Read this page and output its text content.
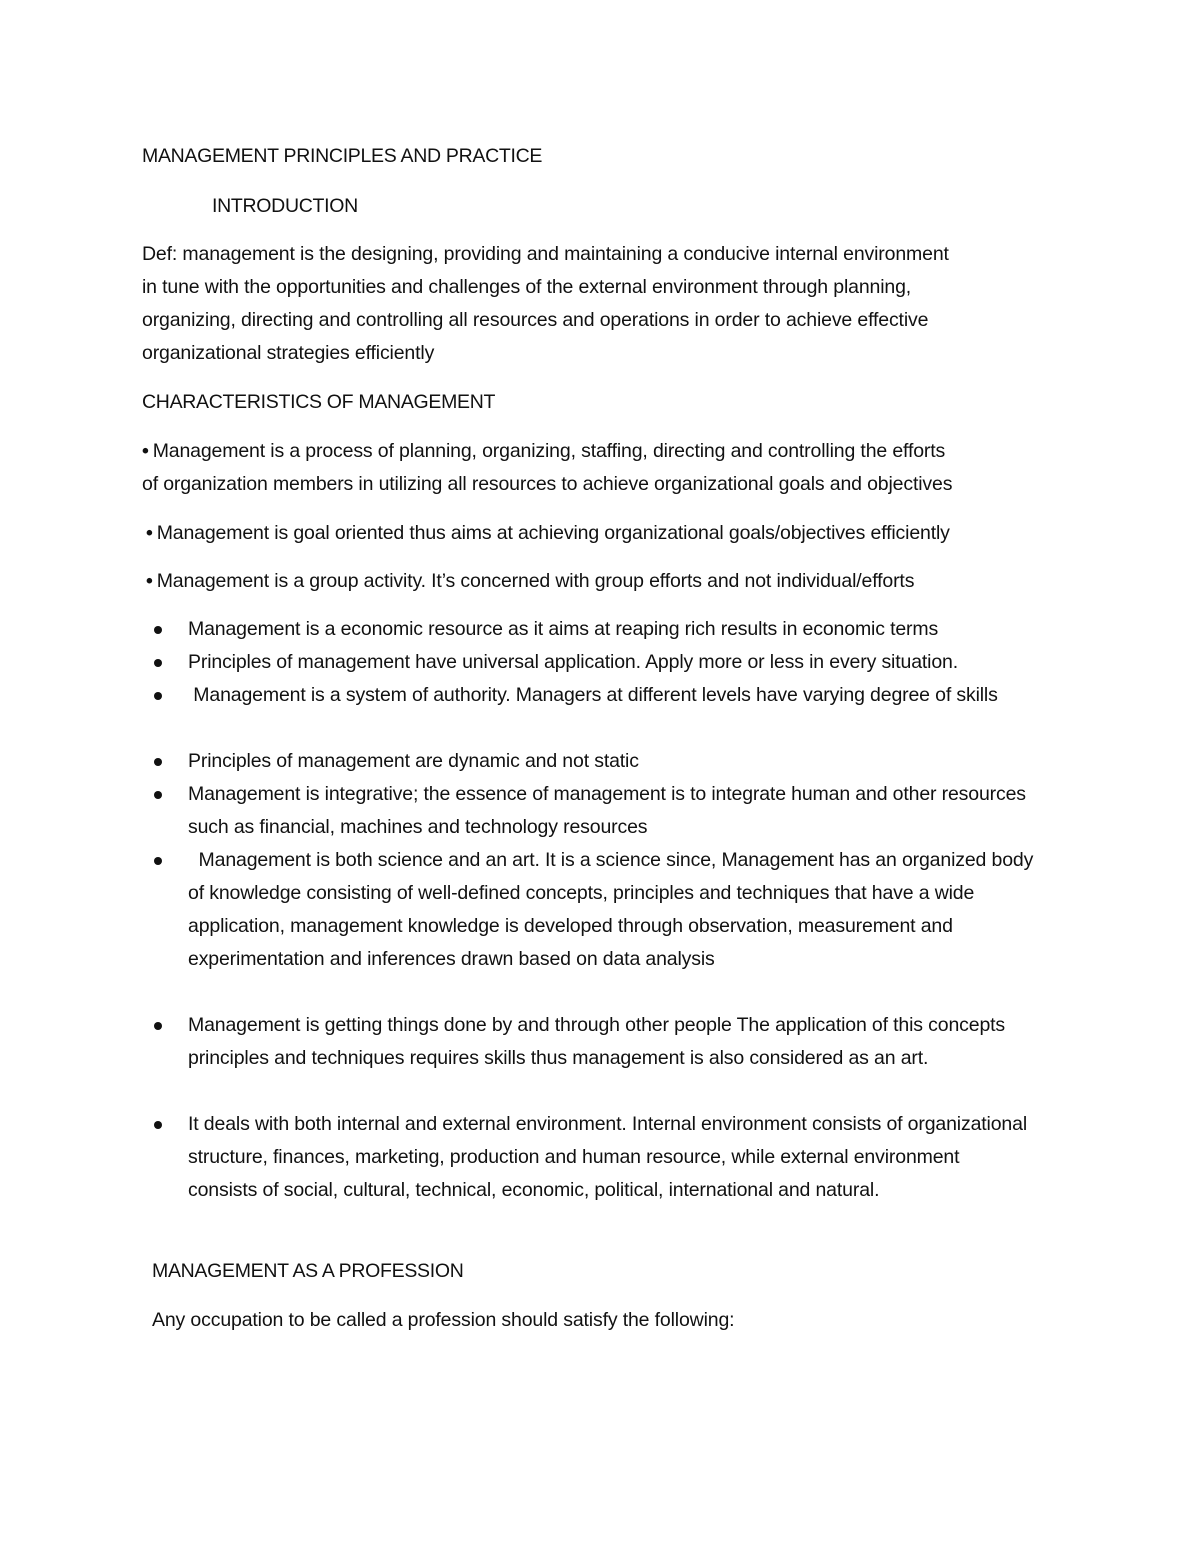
MANAGEMENT PRINCIPLES AND PRACTICE
INTRODUCTION
Def: management is the designing, providing and maintaining a conducive internal environment
in tune with the opportunities and challenges of the external environment through planning,
organizing, directing and controlling all resources and operations in order to achieve effective
organizational strategies efficiently
CHARACTERISTICS OF MANAGEMENT
• Management is a process of planning, organizing, staffing, directing and controlling the efforts
of organization members in utilizing all resources to achieve organizational goals and objectives
• Management is goal oriented thus aims at achieving organizational goals/objectives efficiently
• Management is a group activity. It’s concerned with group efforts and not individual/efforts
Management is a economic resource as it aims at reaping rich results in economic terms
Principles of management have universal application. Apply more or less in every situation.
Management is a system of authority. Managers at different levels have varying degree of skills
Principles of management are dynamic and not static
Management is integrative; the essence of management is to integrate human and other resources such as financial, machines and technology resources
Management is both science and an art. It is a science since, Management has an organized body of knowledge consisting of well-defined concepts, principles and techniques that have a wide application, management knowledge is developed through observation, measurement and experimentation and inferences drawn based on data analysis
Management is getting things done by and through other people The application of this concepts principles and techniques requires skills thus management is also considered as an art.
It deals with both internal and external environment. Internal environment consists of organizational structure, finances, marketing, production and human resource, while external environment consists of social, cultural, technical, economic, political, international and natural.
MANAGEMENT AS A PROFESSION
Any occupation to be called a profession should satisfy the following:
